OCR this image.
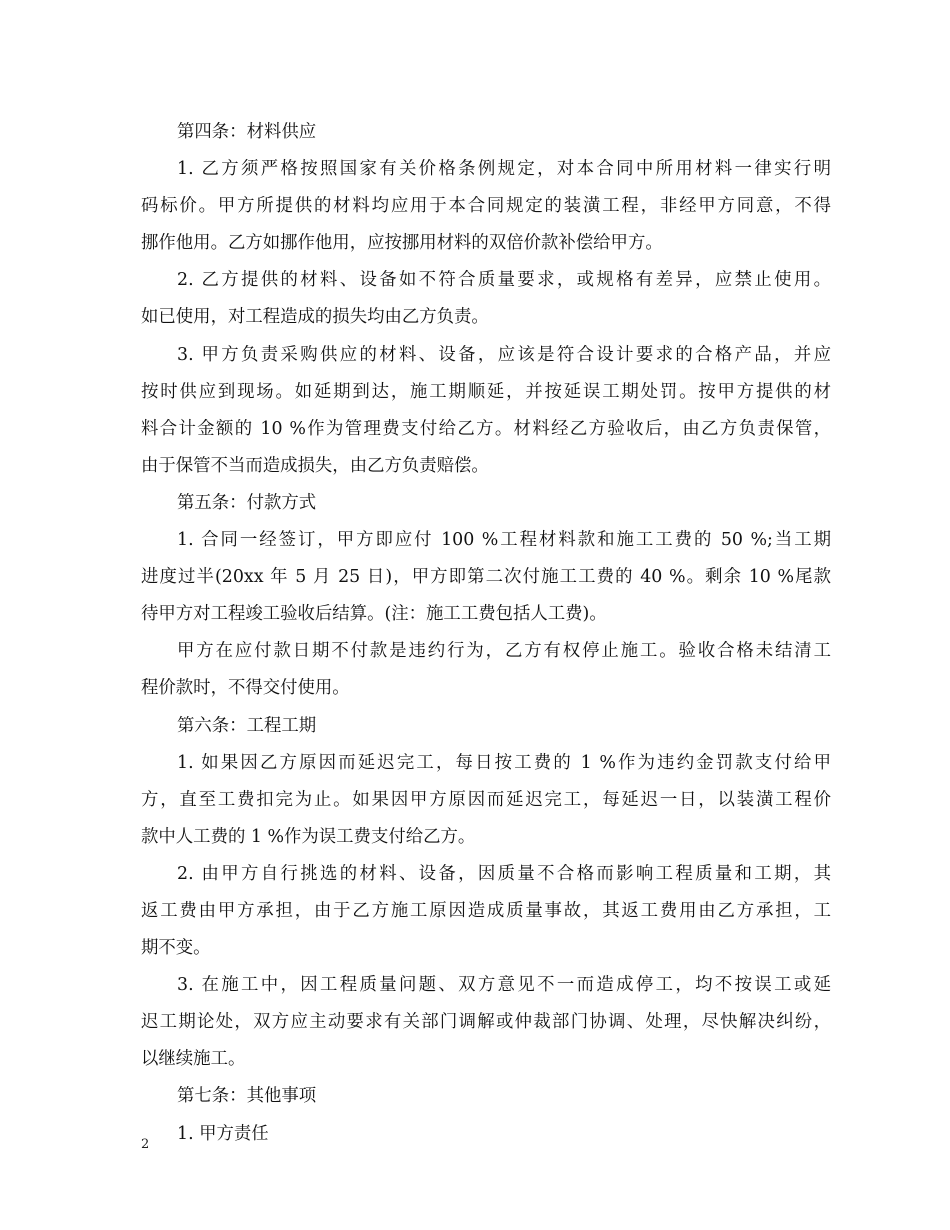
第四条：材料供应
1. 乙方须严格按照国家有关价格条例规定，对本合同中所用材料一律实行明
码标价。甲方所提供的材料均应用于本合同规定的装潢工程，非经甲方同意，不得
挪作他用。乙方如挪作他用，应按挪用材料的双倍价款补偿给甲方。
2. 乙方提供的材料、设备如不符合质量要求，或规格有差异，应禁止使用。
如已使用，对工程造成的损失均由乙方负责。
3. 甲方负责采购供应的材料、设备，应该是符合设计要求的合格产品，并应
按时供应到现场。如延期到达，施工期顺延，并按延误工期处罚。按甲方提供的材
料合计金额的 10 %作为管理费支付给乙方。材料经乙方验收后，由乙方负责保管，
由于保管不当而造成损失，由乙方负责赔偿。
第五条：付款方式
1. 合同一经签订，甲方即应付 100 %工程材料款和施工工费的 50 %;当工期
进度过半(20xx 年 5 月 25 日)，甲方即第二次付施工工费的 40 %。剩余 10 %尾款
待甲方对工程竣工验收后结算。(注：施工工费包括人工费)。
甲方在应付款日期不付款是违约行为，乙方有权停止施工。验收合格未结清工
程价款时，不得交付使用。
第六条：工程工期
1. 如果因乙方原因而延迟完工，每日按工费的 1 %作为违约金罚款支付给甲
方，直至工费扣完为止。如果因甲方原因而延迟完工，每延迟一日，以装潢工程价
款中人工费的 1 %作为误工费支付给乙方。
2. 由甲方自行挑选的材料、设备，因质量不合格而影响工程质量和工期，其
返工费由甲方承担，由于乙方施工原因造成质量事故，其返工费用由乙方承担，工
期不变。
3. 在施工中，因工程质量问题、双方意见不一而造成停工，均不按误工或延
迟工期论处，双方应主动要求有关部门调解或仲裁部门协调、处理，尽快解决纠纷，
以继续施工。
第七条：其他事项
1. 甲方责任
2
